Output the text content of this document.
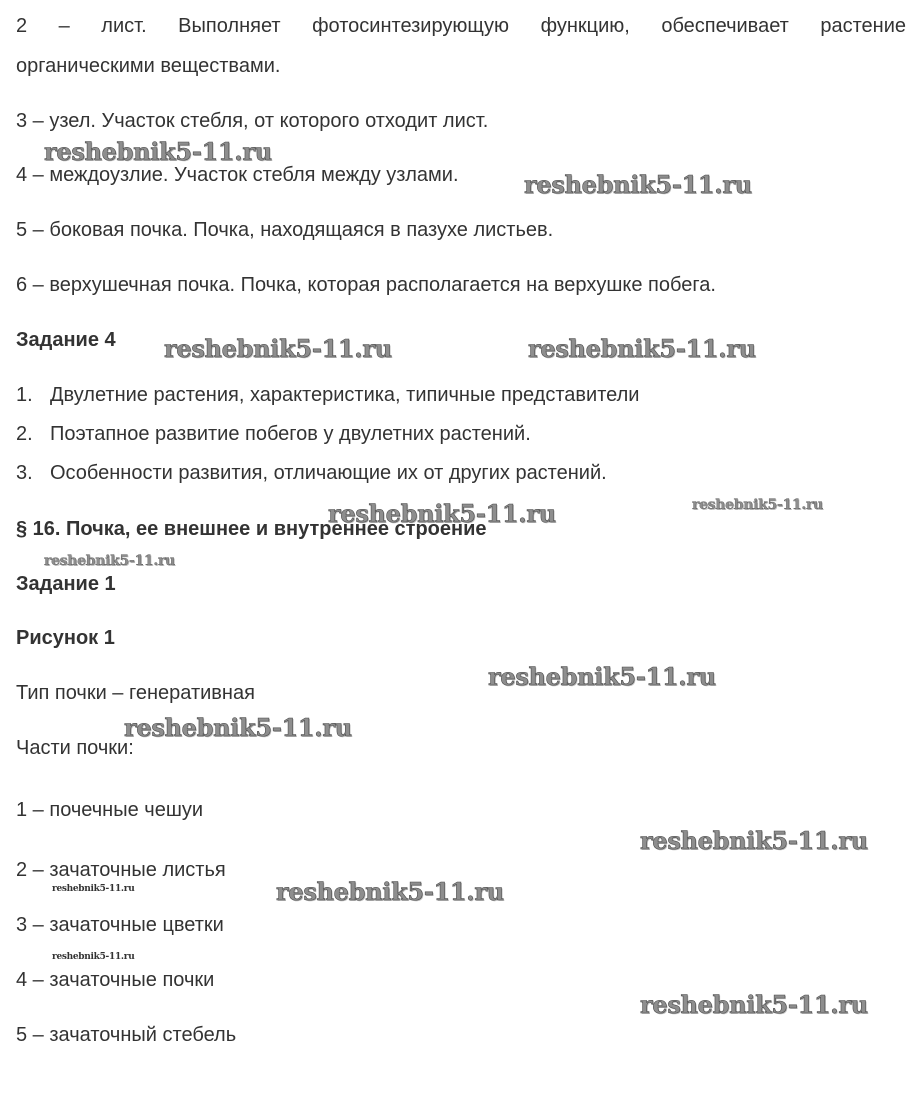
2 – лист. Выполняет фотосинтезирующую функцию, обеспечивает растение
органическими веществами.
3 – узел. Участок стебля, от которого отходит лист.
4 – междоузлие. Участок стебля между узлами.
5 – боковая почка. Почка, находящаяся в пазухе листьев.
6 – верхушечная почка. Почка, которая располагается на верхушке побега.
Задание 4
1. Двулетние растения, характеристика, типичные представители
2. Поэтапное развитие побегов у двулетних растений.
3. Особенности развития, отличающие их от других растений.
§ 16. Почка, ее внешнее и внутреннее строение
Задание 1
Рисунок 1
Тип почки – генеративная
Части почки:
1 – почечные чешуи
2 – зачаточные листья
3 – зачаточные цветки
4 – зачаточные почки
5 – зачаточный стебель
reshebnik5-11.ru
reshebnik5-11.ru
reshebnik5-11.ru	reshebnik5-11.ru
reshebnik5-11.ru	reshebnik5-11.ru
reshebnik5-11.ru
reshebnik5-11.ru
reshebnik5-11.ru
reshebnik5-11.ru
reshebnik5-11.ru	reshebnik5-11.ru
reshebnik5-11.ru
reshebnik5-11.ru
